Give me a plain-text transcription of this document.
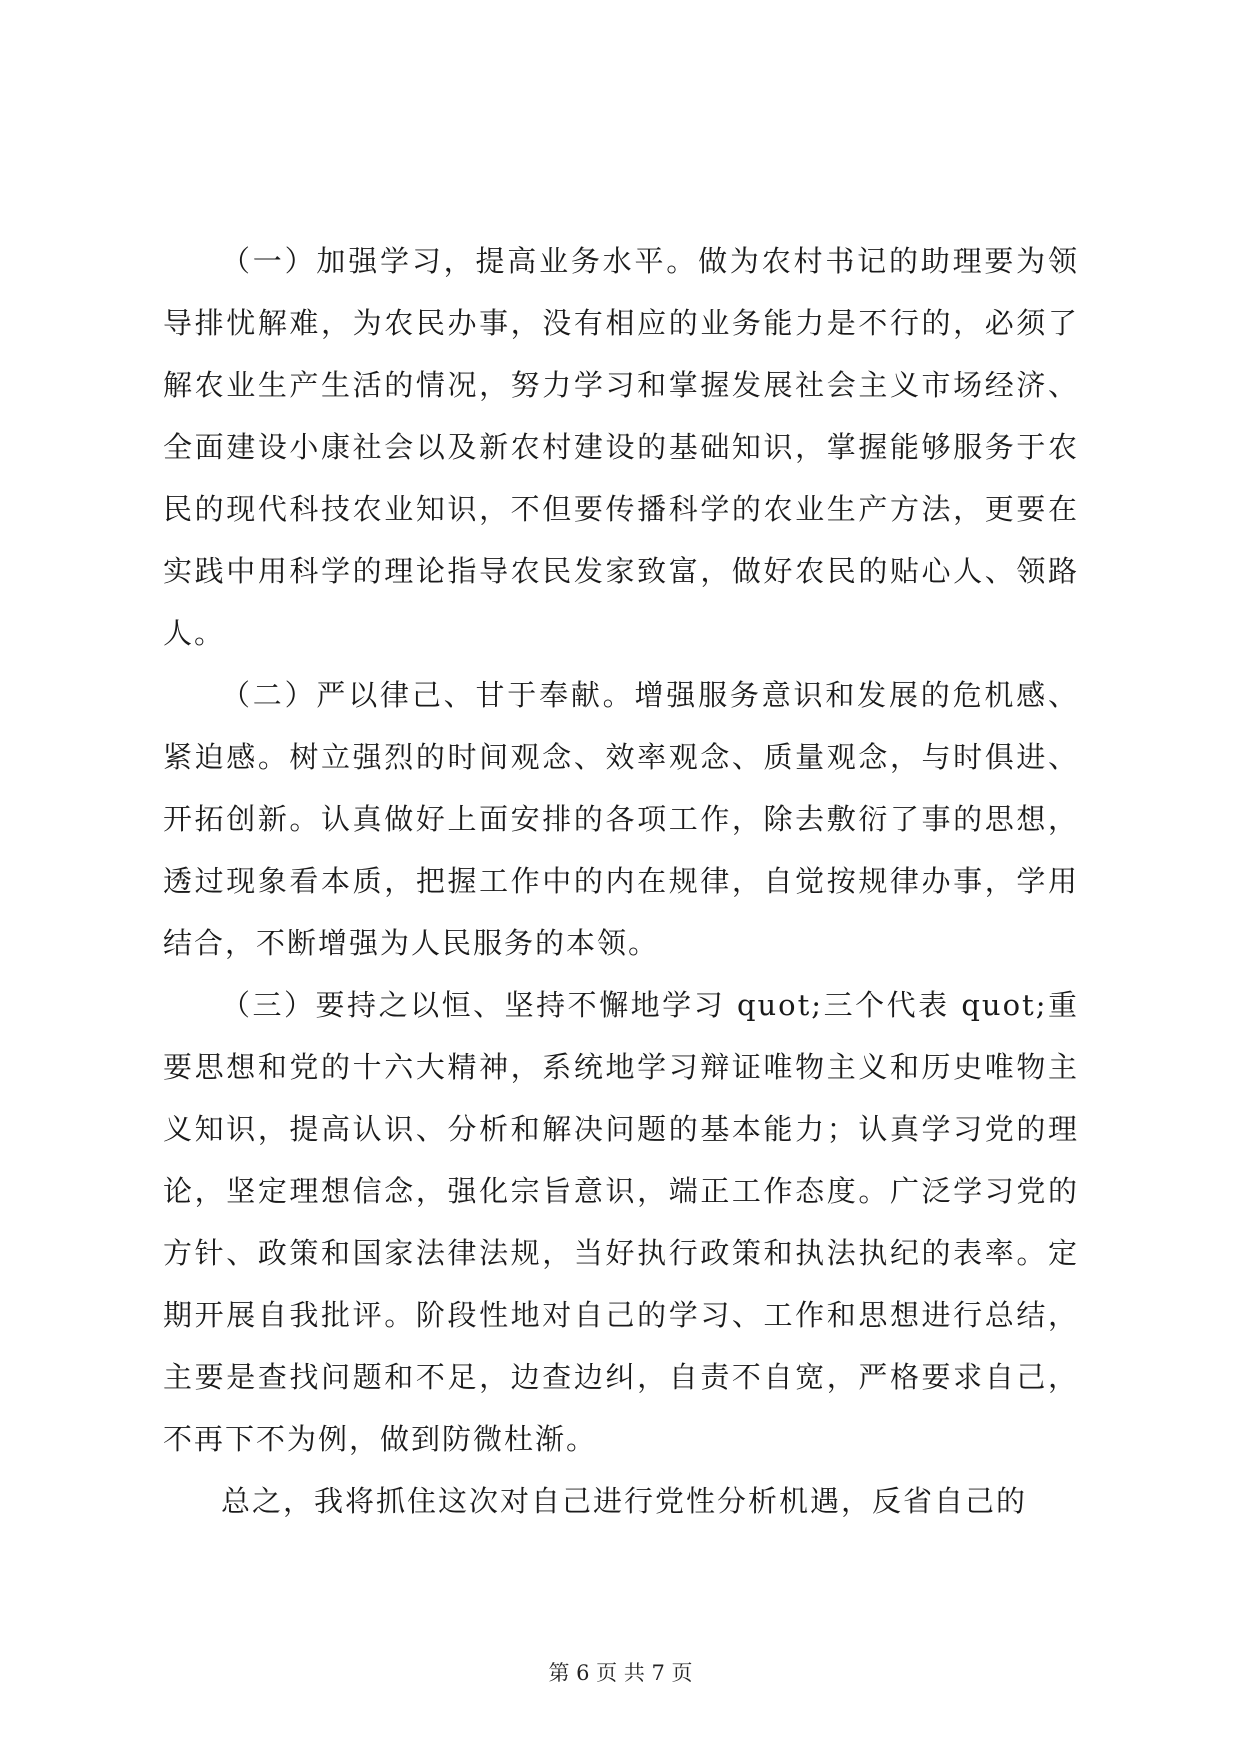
（一）加强学习，提高业务水平。做为农村书记的助理要为领导排忧解难，为农民办事，没有相应的业务能力是不行的，必须了解农业生产生活的情况，努力学习和掌握发展社会主义市场经济、全面建设小康社会以及新农村建设的基础知识，掌握能够服务于农民的现代科技农业知识，不但要传播科学的农业生产方法，更要在实践中用科学的理论指导农民发家致富，做好农民的贴心人、领路人。

（二）严以律己、甘于奉献。增强服务意识和发展的危机感、紧迫感。树立强烈的时间观念、效率观念、质量观念，与时俱进、开拓创新。认真做好上面安排的各项工作，除去敷衍了事的思想，透过现象看本质，把握工作中的内在规律，自觉按规律办事，学用结合，不断增强为人民服务的本领。

（三）要持之以恒、坚持不懈地学习 quot;三个代表 quot;重要思想和党的十六大精神，系统地学习辩证唯物主义和历史唯物主义知识，提高认识、分析和解决问题的基本能力；认真学习党的理论，坚定理想信念，强化宗旨意识，端正工作态度。广泛学习党的方针、政策和国家法律法规，当好执行政策和执法执纪的表率。定期开展自我批评。阶段性地对自己的学习、工作和思想进行总结，主要是查找问题和不足，边查边纠，自责不自宽，严格要求自己，不再下不为例，做到防微杜渐。

总之，我将抓住这次对自己进行党性分析机遇，反省自己的

第 6 页 共 7 页
